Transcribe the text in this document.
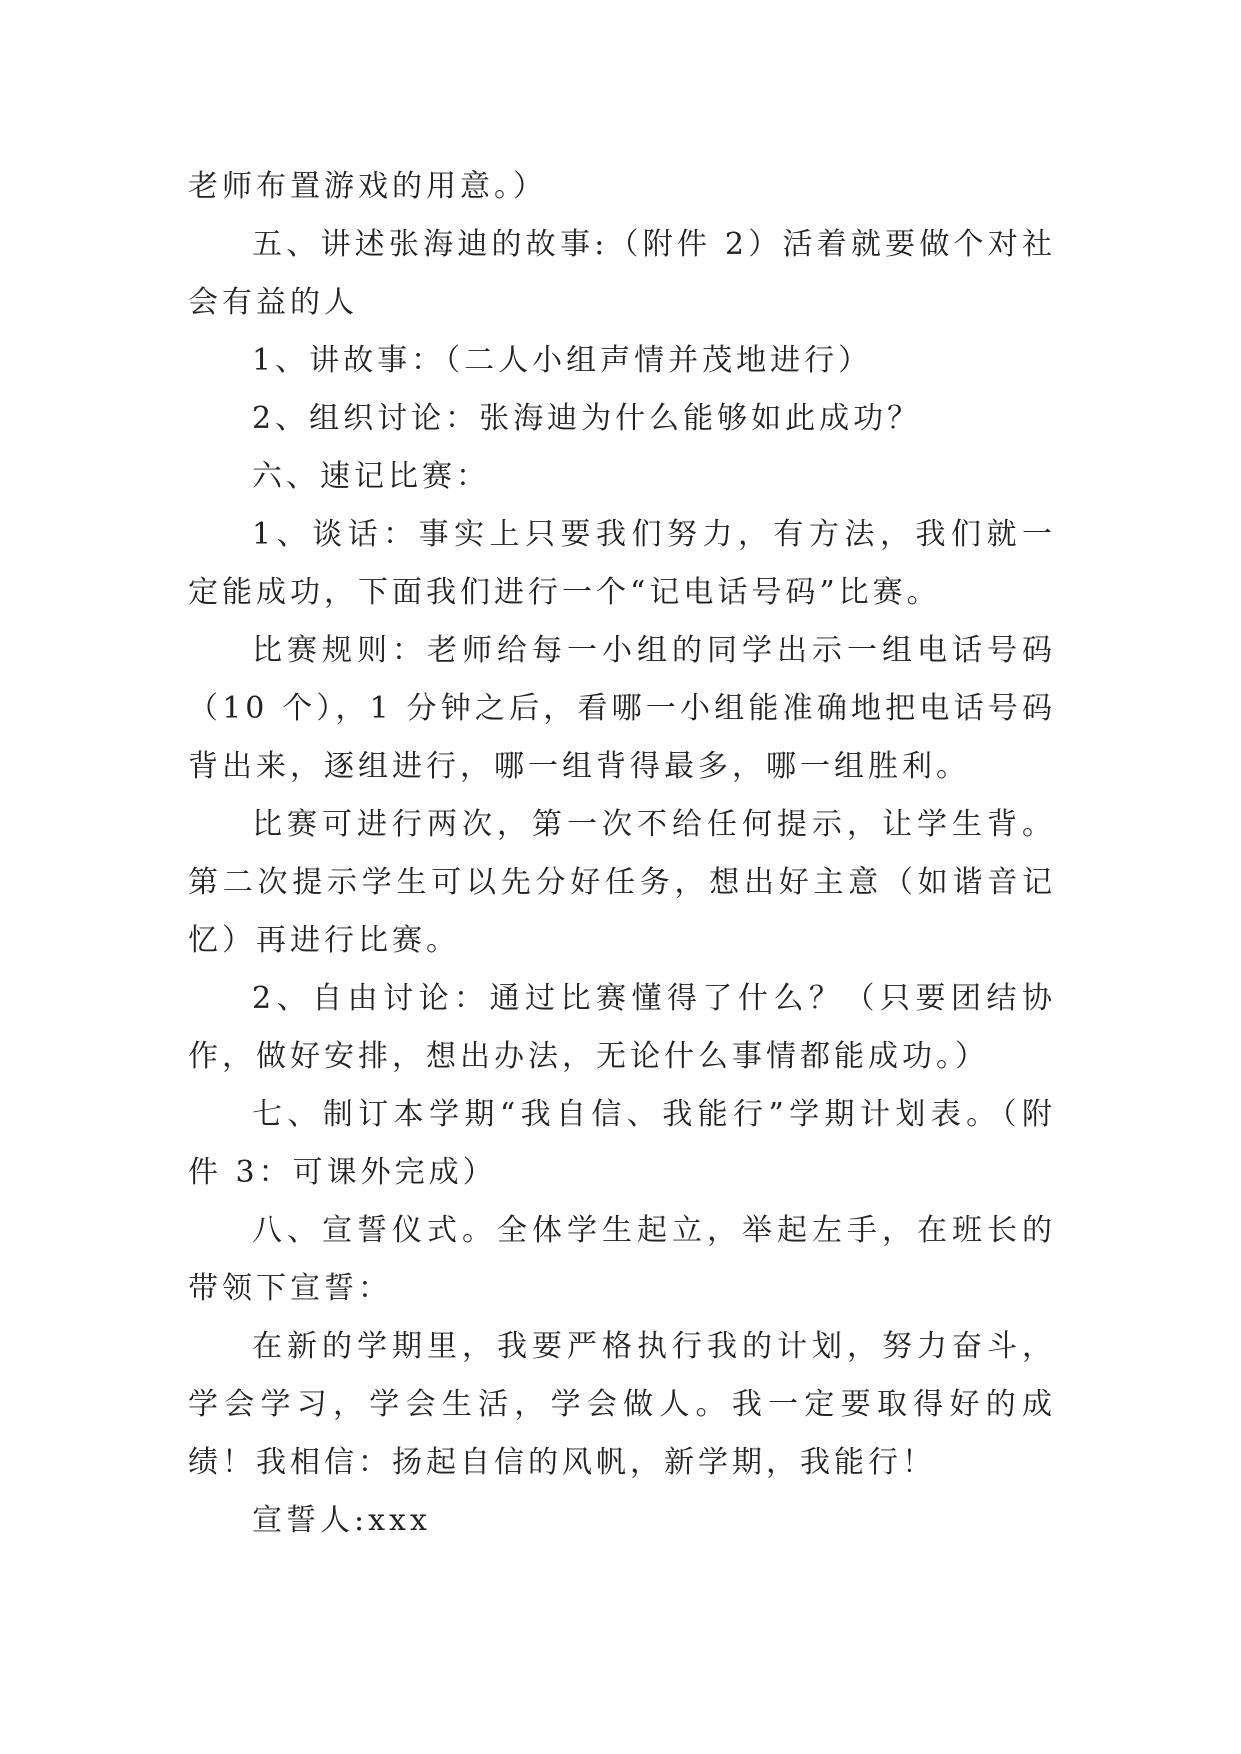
老师布置游戏的用意。）

五、讲述张海迪的故事:（附件 2）活着就要做个对社会有益的人

1、讲故事：（二人小组声情并茂地进行）

2、组织讨论：张海迪为什么能够如此成功？

六、速记比赛：

1、谈话：事实上只要我们努力，有方法，我们就一定能成功，下面我们进行一个“记电话号码”比赛。

比赛规则：老师给每一小组的同学出示一组电话号码（10 个），1 分钟之后，看哪一小组能准确地把电话号码背出来，逐组进行，哪一组背得最多，哪一组胜利。

比赛可进行两次，第一次不给任何提示，让学生背。第二次提示学生可以先分好任务，想出好主意（如谐音记忆）再进行比赛。

2、自由讨论：通过比赛懂得了什么？（只要团结协作，做好安排，想出办法，无论什么事情都能成功。）

七、制订本学期“我自信、我能行”学期计划表。（附件 3：可课外完成）

八、宣誓仪式。全体学生起立，举起左手，在班长的带领下宣誓：

在新的学期里，我要严格执行我的计划，努力奋斗，学会学习，学会生活，学会做人。我一定要取得好的成绩！我相信：扬起自信的风帆，新学期，我能行！

宣誓人:xxx
